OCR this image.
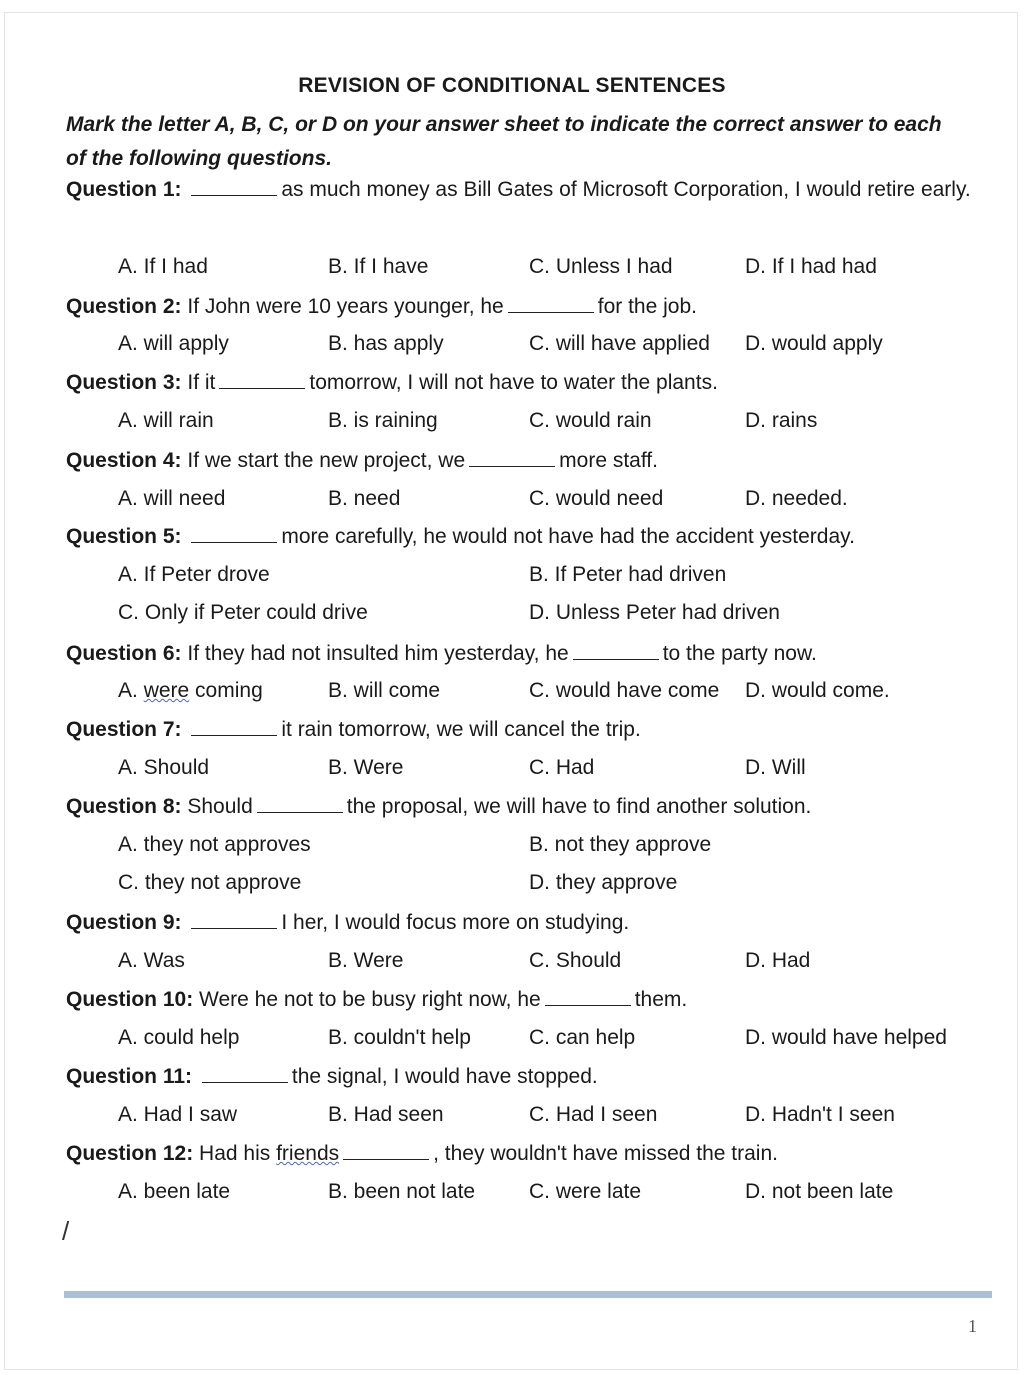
REVISION OF CONDITIONAL SENTENCES
Mark the letter A, B, C, or D on your answer sheet to indicate the correct answer to each of the following questions.
Question 1:	as much money as Bill Gates of Microsoft Corporation, I would retire early.
A. If I had	B. If I have	C. Unless I had	D. If I had had
Question 2: If John were 10 years younger, he	for the job.
A. will apply	B. has apply	C. will have applied D. would apply
Question 3: If it	tomorrow, I will not have to water the plants.
A. will rain	B. is raining	C. would rain	D. rains
Question 4: If we start the new project, we	more staff.
A. will need	B. need	C. would need	D. needed.
Question 5:	more carefully, he would not have had the accident yesterday.
A. If Peter drove	B. If Peter had driven
C. Only if Peter could drive	D. Unless Peter had driven
Question 6: If they had not insulted him yesterday, he	to the party now.
A. were coming	B. will come	C. would have come D. would come.
Question 7:	it rain tomorrow, we will cancel the trip.
A. Should	B. Were	C. Had	D. Will
Question 8: Should	the proposal, we will have to find another solution.
A. they not approves	B. not they approve
C. they not approve	D. they approve
Question 9:	I her, I would focus more on studying.
A. Was	B. Were	C. Should	D. Had
Question 10: Were he not to be busy right now, he	them.
A. could help	B. couldn't help	C. can help	D. would have helped
Question 11:	the signal, I would have stopped.
A. Had I saw	B. Had seen	C. Had I seen	D. Hadn't I seen
Question 12: Had his friends	, they wouldn't have missed the train.
A. been late	B. been not late	C. were late	D. not been late
/
1
